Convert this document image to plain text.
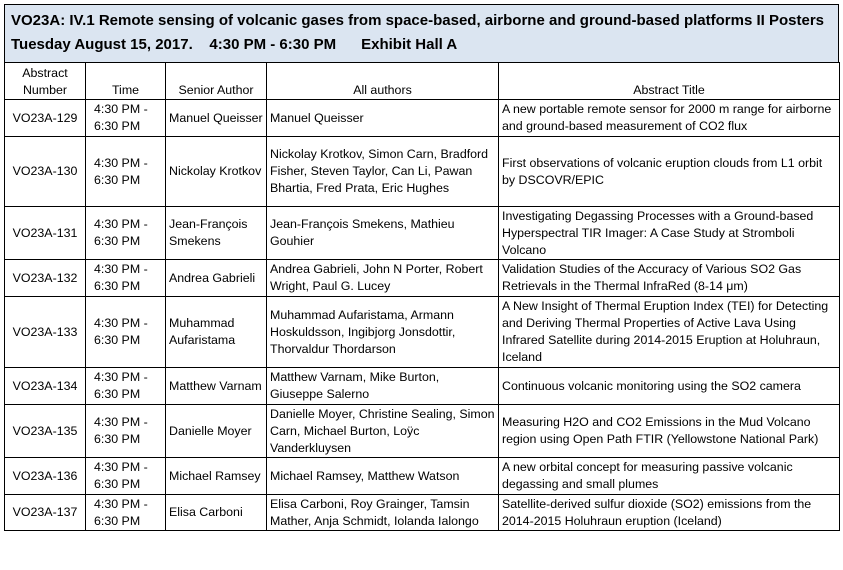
VO23A: IV.1 Remote sensing of volcanic gases from space-based, airborne and ground-based platforms II Posters
Tuesday August 15, 2017.    4:30 PM - 6:30 PM      Exhibit Hall A
Abstract
Number	Time	Senior Author	All authors	Abstract Title
VO23A-129	4:30 PM -
6:30 PM	Manuel Queisser	Manuel Queisser	A new portable remote sensor for 2000 m range for airborne and ground-based measurement of CO2 flux
VO23A-130	4:30 PM -
6:30 PM	Nickolay Krotkov	Nickolay Krotkov, Simon Carn, Bradford Fisher, Steven Taylor, Can Li, Pawan Bhartia, Fred Prata, Eric Hughes	First observations of volcanic eruption clouds from L1 orbit by DSCOVR/EPIC
VO23A-131	4:30 PM -
6:30 PM	Jean-François Smekens	Jean-François Smekens, Mathieu Gouhier	Investigating Degassing Processes with a Ground-based Hyperspectral TIR Imager: A Case Study at Stromboli Volcano
VO23A-132	4:30 PM -
6:30 PM	Andrea Gabrieli	Andrea Gabrieli, John N Porter, Robert Wright, Paul G. Lucey	Validation Studies of the Accuracy of Various SO2 Gas Retrievals in the Thermal InfraRed (8-14 μm)
VO23A-133	4:30 PM -
6:30 PM	Muhammad Aufaristama	Muhammad Aufaristama, Armann Hoskuldsson, Ingibjorg Jonsdottir, Thorvaldur Thordarson	A New Insight of Thermal Eruption Index (TEI) for Detecting and Deriving Thermal Properties of Active Lava Using Infrared Satellite during 2014-2015 Eruption at Holuhraun, Iceland
VO23A-134	4:30 PM -
6:30 PM	Matthew Varnam	Matthew Varnam, Mike Burton, Giuseppe Salerno	Continuous volcanic monitoring using the SO2 camera
VO23A-135	4:30 PM -
6:30 PM	Danielle Moyer	Danielle Moyer, Christine Sealing, Simon Carn, Michael Burton, Loÿc Vanderkluysen	Measuring H2O and CO2 Emissions in the Mud Volcano region using Open Path FTIR (Yellowstone National Park)
VO23A-136	4:30 PM -
6:30 PM	Michael Ramsey	Michael Ramsey, Matthew Watson	A new orbital concept for measuring passive volcanic degassing and small plumes
VO23A-137	4:30 PM -
6:30 PM	Elisa Carboni	Elisa Carboni, Roy Grainger, Tamsin Mather, Anja Schmidt, Iolanda Ialongo	Satellite-derived sulfur dioxide (SO2) emissions from the 2014-2015 Holuhraun eruption (Iceland)
